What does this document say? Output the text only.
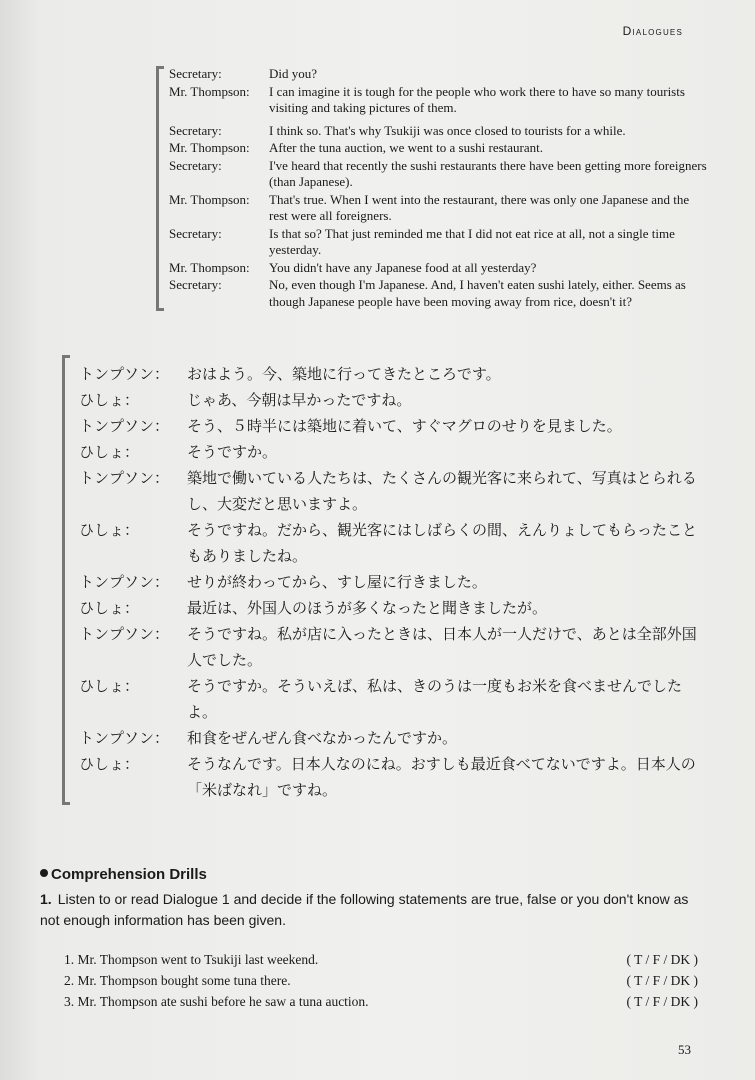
Dialogues
Secretary:	Did you?
Mr. Thompson:	I can imagine it is tough for the people who work there to have so many tourists visiting and taking pictures of them.
Secretary:	I think so. That's why Tsukiji was once closed to tourists for a while.
Mr. Thompson:	After the tuna auction, we went to a sushi restaurant.
Secretary:	I've heard that recently the sushi restaurants there have been getting more foreigners (than Japanese).
Mr. Thompson:	That's true. When I went into the restaurant, there was only one Japanese and the rest were all foreigners.
Secretary:	Is that so? That just reminded me that I did not eat rice at all, not a single time yesterday.
Mr. Thompson:	You didn't have any Japanese food at all yesterday?
Secretary:	No, even though I'm Japanese. And, I haven't eaten sushi lately, either. Seems as though Japanese people have been moving away from rice, doesn't it?
トンプソン：	おはよう。今、築地に行ってきたところです。
ひしょ：	じゃあ、今朝は早かったですね。
トンプソン：	そう、５時半には築地に着いて、すぐマグロのせりを見ました。
ひしょ：	そうですか。
トンプソン：	築地で働いている人たちは、たくさんの観光客に来られて、写真はとられるし、大変だと思いますよ。
ひしょ：	そうですね。だから、観光客にはしばらくの間、えんりょしてもらったこともありましたね。
トンプソン：	せりが終わってから、すし屋に行きました。
ひしょ：	最近は、外国人のほうが多くなったと聞きましたが。
トンプソン：	そうですね。私が店に入ったときは、日本人が一人だけで、あとは全部外国人でした。
ひしょ：	そうですか。そういえば、私は、きのうは一度もお米を食べませんでしたよ。
トンプソン：	和食をぜんぜん食べなかったんですか。
ひしょ：	そうなんです。日本人なのにね。おすしも最近食べてないですよ。日本人の「米ばなれ」ですね。
Comprehension Drills
1. Listen to or read Dialogue 1 and decide if the following statements are true, false or you don't know as not enough information has been given.
1. Mr. Thompson went to Tsukiji last weekend.	( T / F / DK )
2. Mr. Thompson bought some tuna there.	( T / F / DK )
3. Mr. Thompson ate sushi before he saw a tuna auction.	( T / F / DK )
53
